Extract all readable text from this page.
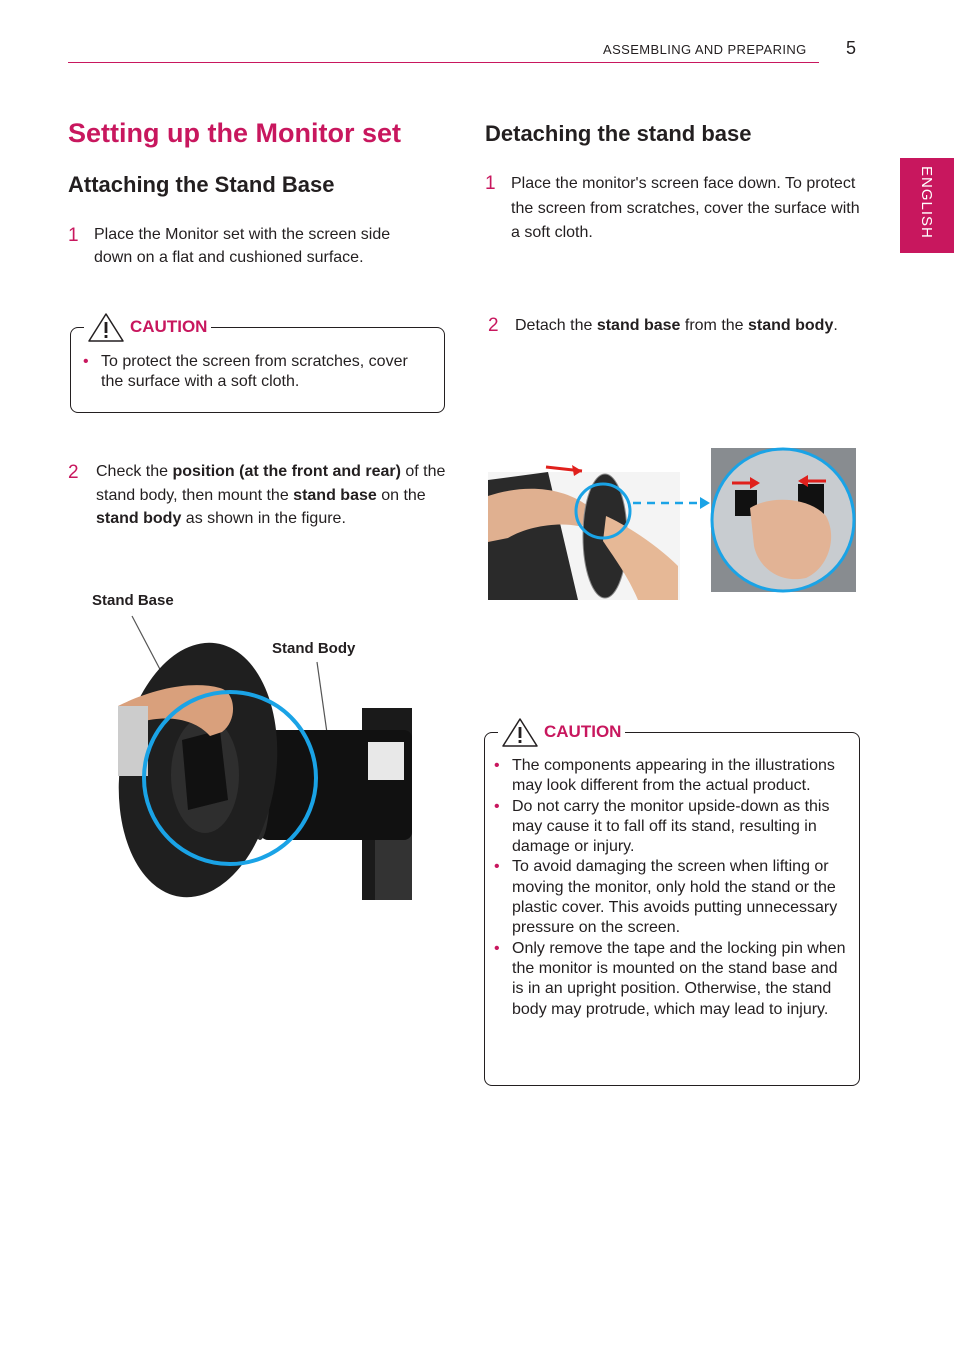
ASSEMBLING AND PREPARING 5
ENGLISH
Setting up the Monitor set
Attaching the Stand Base
1 Place the Monitor set with the screen side down on a flat and cushioned surface.
CAUTION
• To protect the screen from scratches, cover the surface with a soft cloth.
2 Check the position (at the front and rear) of the stand body, then mount the stand base on the stand body as shown in the figure.
Stand Base
Stand Body
Detaching the stand base
1 Place the monitor's screen face down. To protect the screen from scratches, cover the surface with a soft cloth.
2 Detach the stand base from the stand body.
CAUTION
• The components appearing in the illustrations may look different from the actual product.
• Do not carry the monitor upside-down as this may cause it to fall off its stand, resulting in damage or injury.
• To avoid damaging the screen when lifting or moving the monitor, only hold the stand or the plastic cover. This avoids putting unnecessary pressure on the screen.
• Only remove the tape and the locking pin when the monitor is mounted on the stand base and is in an upright position. Otherwise, the stand body may protrude, which may lead to injury.
